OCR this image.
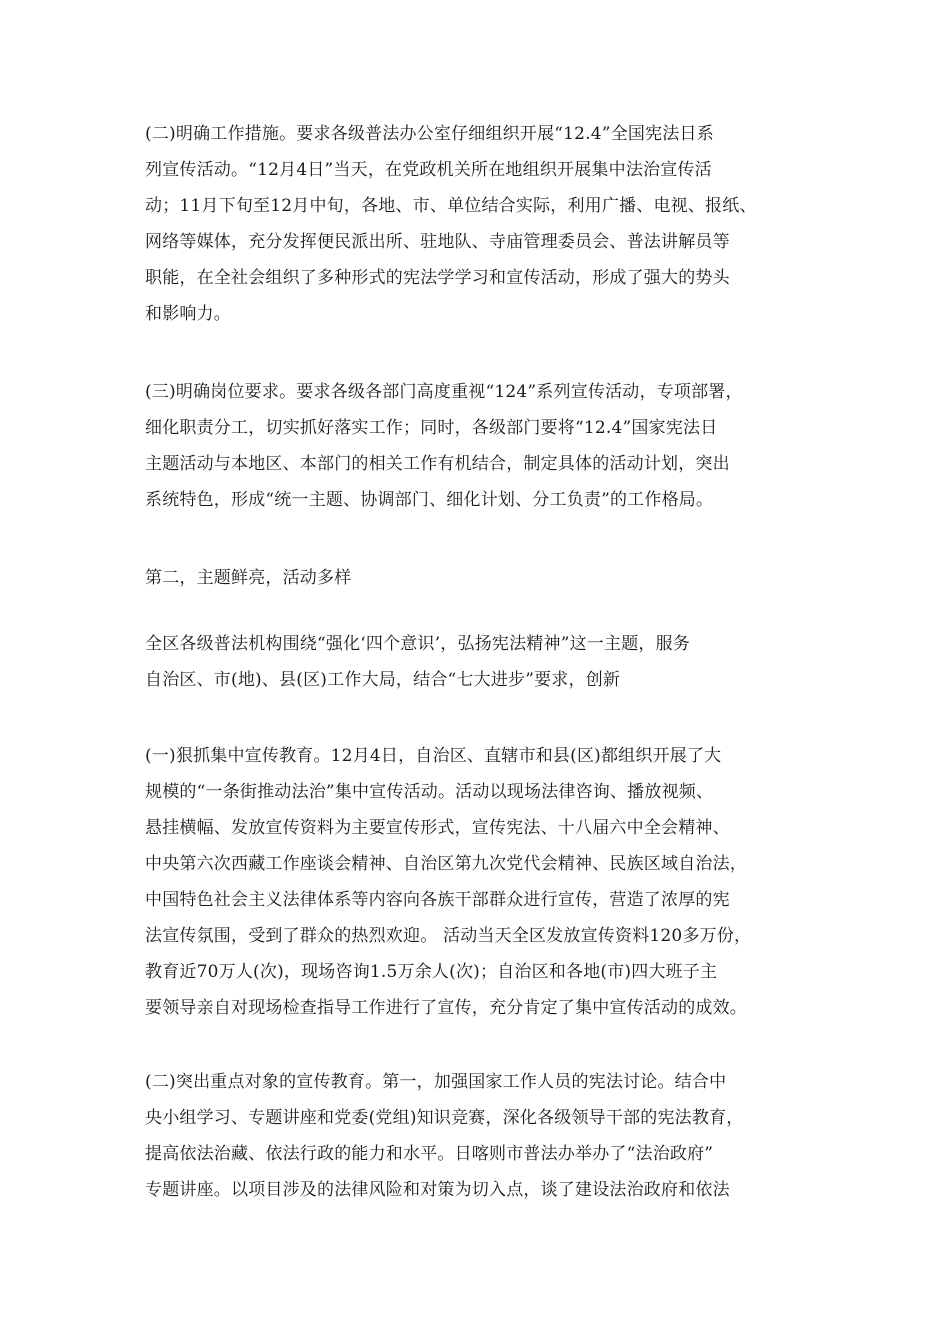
(二)明确工作措施。要求各级普法办公室仔细组织开展“12.4”全国宪法日系
列宣传活动。“12月4日”当天，在党政机关所在地组织开展集中法治宣传活
动；11月下旬至12月中旬，各地、市、单位结合实际，利用广播、电视、报纸、
网络等媒体，充分发挥便民派出所、驻地队、寺庙管理委员会、普法讲解员等
职能，在全社会组织了多种形式的宪法学学习和宣传活动，形成了强大的势头
和影响力。
(三)明确岗位要求。要求各级各部门高度重视“124”系列宣传活动，专项部署，
细化职责分工，切实抓好落实工作；同时，各级部门要将“12.4”国家宪法日
主题活动与本地区、本部门的相关工作有机结合，制定具体的活动计划，突出
系统特色，形成“统一主题、协调部门、细化计划、分工负责”的工作格局。
第二，主题鲜亮，活动多样
全区各级普法机构围绕“强化‘四个意识’，弘扬宪法精神”这一主题，服务
自治区、市(地)、县(区)工作大局，结合“七大进步”要求，创新
(一)狠抓集中宣传教育。12月4日，自治区、直辖市和县(区)都组织开展了大
规模的“一条街推动法治”集中宣传活动。活动以现场法律咨询、播放视频、
悬挂横幅、发放宣传资料为主要宣传形式，宣传宪法、十八届六中全会精神、
中央第六次西藏工作座谈会精神、自治区第九次党代会精神、民族区域自治法，
中国特色社会主义法律体系等内容向各族干部群众进行宣传，营造了浓厚的宪
法宣传氛围，受到了群众的热烈欢迎。 活动当天全区发放宣传资料120多万份，
教育近70万人(次)，现场咨询1.5万余人(次)；自治区和各地(市)四大班子主
要领导亲自对现场检查指导工作进行了宣传，充分肯定了集中宣传活动的成效。
(二)突出重点对象的宣传教育。第一，加强国家工作人员的宪法讨论。结合中
央小组学习、专题讲座和党委(党组)知识竞赛，深化各级领导干部的宪法教育，
提高依法治藏、依法行政的能力和水平。日喀则市普法办举办了“法治政府”
专题讲座。以项目涉及的法律风险和对策为切入点，谈了建设法治政府和依法
